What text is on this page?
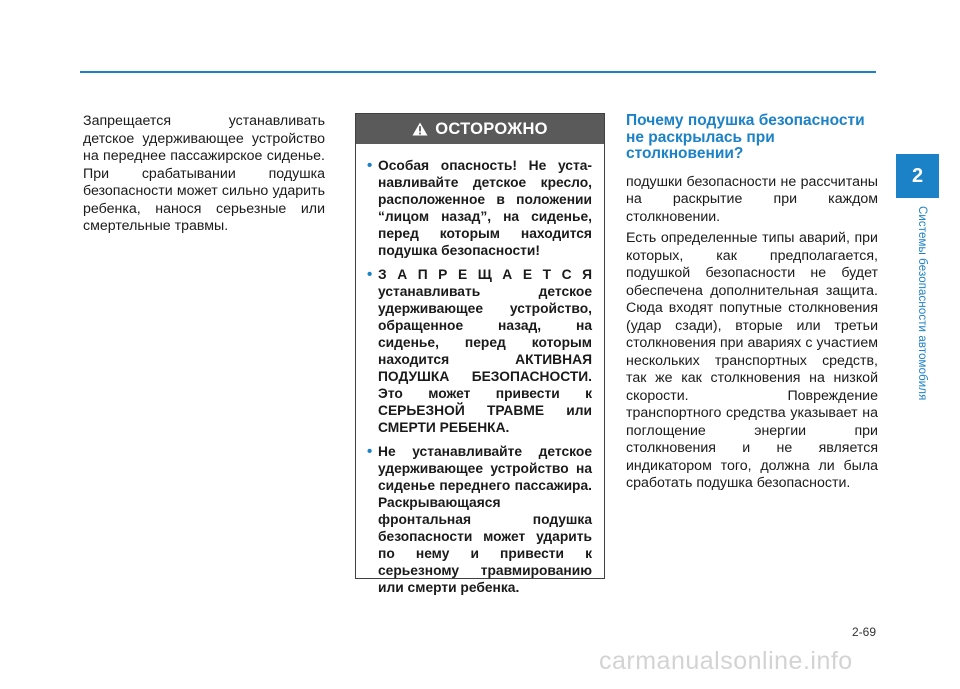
Запрещается устанавливать детское удерживающее устройство на переднее пассажирское сиденье. При срабатывании подушка безопасности может сильно ударить ребенка, нанося серьезные или смертельные травмы.

ОСТОРОЖНО
• Особая опасность! Не уста-навливайте детское кресло, расположенное в положении “лицом назад”, на сиденье, перед которым находится подушка безопасности!
• З А П Р Е Щ А Е Т С Я устанавливать детское удерживающее устройство, обращенное назад, на сиденье, перед которым находится АКТИВНАЯ ПОДУШКА БЕЗОПАСНОСТИ. Это может привести к СЕРЬЕЗНОЙ ТРАВМЕ или СМЕРТИ РЕБЕНКА.
• Не устанавливайте детское удерживающее устройство на сиденье переднего пассажира. Раскрывающаяся фронтальная подушка безопасности может ударить по нему и привести к серьезному травмированию или смерти ребенка.
Почему подушка безопасности не раскрылась при столкновении?

подушки безопасности не рассчитаны на раскрытие при каждом столкновении.

Есть определенные типы аварий, при которых, как предполагается, подушкой безопасности не будет обеспечена дополнительная защита. Сюда входят попутные столкновения (удар сзади), вторые или третьи столкновения при авариях с участием нескольких транспортных средств, так же как столкновения на низкой скорости. Повреждение транспортного средства указывает на поглощение энергии при столкновения и не является индикатором того, должна ли была сработать подушка безопасности.

2
Системы безопасности автомобиля
2-69
carmanualsonline.info
